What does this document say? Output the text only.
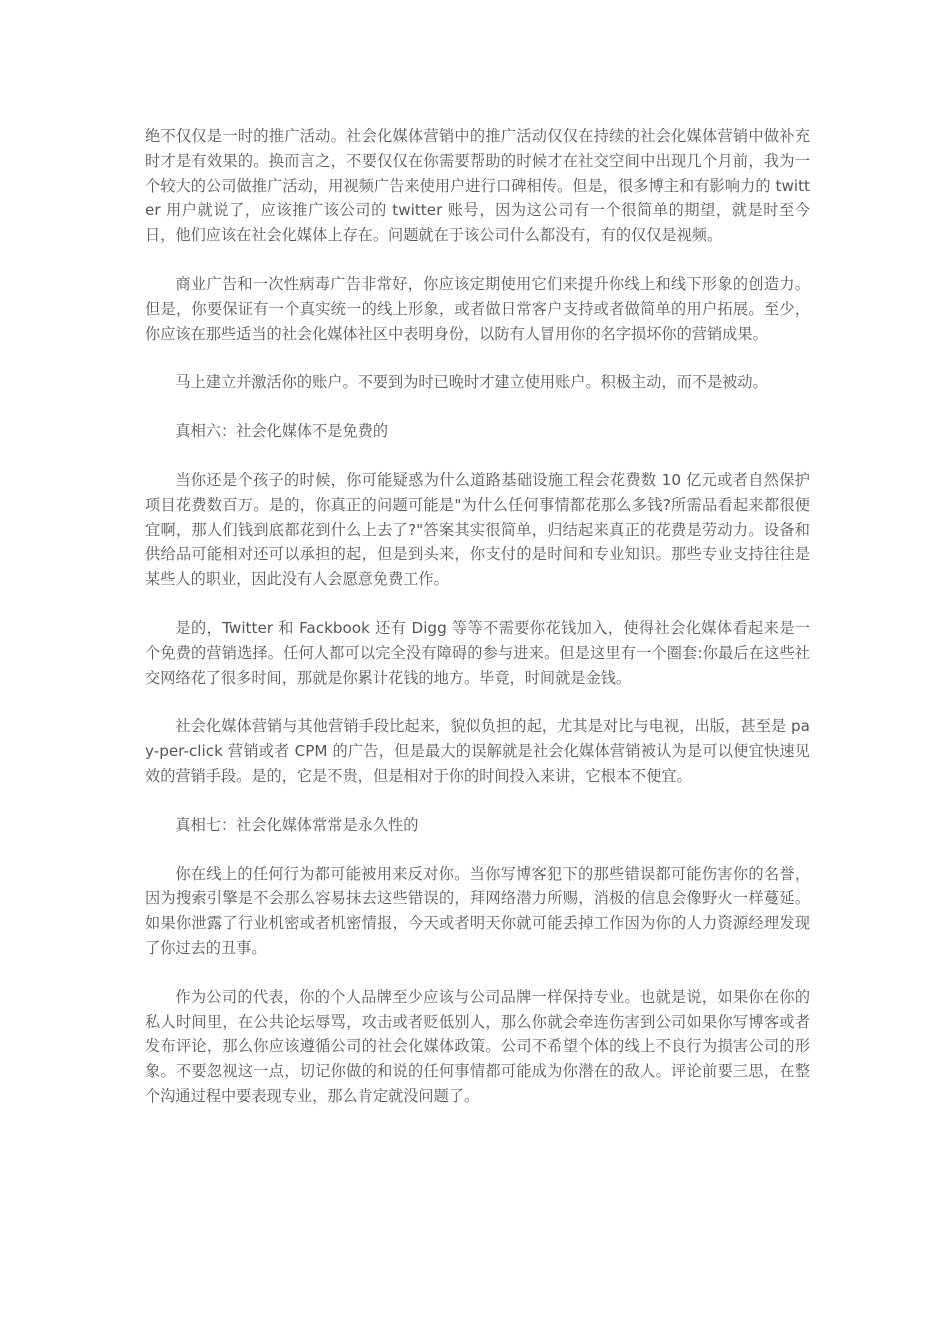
绝不仅仅是一时的推广活动。社会化媒体营销中的推广活动仅仅在持续的社会化媒体营销中做补充时才是有效果的。换而言之，不要仅仅在你需要帮助的时候才在社交空间中出现几个月前，我为一个较大的公司做推广活动，用视频广告来使用户进行口碑相传。但是，很多博主和有影响力的 twitter 用户就说了，应该推广该公司的 twitter 账号，因为这公司有一个很简单的期望，就是时至今日，他们应该在社会化媒体上存在。问题就在于该公司什么都没有，有的仅仅是视频。

商业广告和一次性病毒广告非常好，你应该定期使用它们来提升你线上和线下形象的创造力。但是，你要保证有一个真实统一的线上形象，或者做日常客户支持或者做简单的用户拓展。至少，你应该在那些适当的社会化媒体社区中表明身份，以防有人冒用你的名字损坏你的营销成果。

马上建立并激活你的账户。不要到为时已晚时才建立使用账户。积极主动，而不是被动。

真相六：社会化媒体不是免费的

当你还是个孩子的时候，你可能疑惑为什么道路基础设施工程会花费数 10 亿元或者自然保护项目花费数百万。是的，你真正的问题可能是"为什么任何事情都花那么多钱?所需品看起来都很便宜啊，那人们钱到底都花到什么上去了?"答案其实很简单，归结起来真正的花费是劳动力。设备和供给品可能相对还可以承担的起，但是到头来，你支付的是时间和专业知识。那些专业支持往往是某些人的职业，因此没有人会愿意免费工作。

是的，Twitter 和 Fackbook 还有 Digg 等等不需要你花钱加入，使得社会化媒体看起来是一个免费的营销选择。任何人都可以完全没有障碍的参与进来。但是这里有一个圈套:你最后在这些社交网络花了很多时间，那就是你累计花钱的地方。毕竟，时间就是金钱。

社会化媒体营销与其他营销手段比起来，貌似负担的起，尤其是对比与电视，出版，甚至是 pay-per-click 营销或者 CPM 的广告，但是最大的误解就是社会化媒体营销被认为是可以便宜快速见效的营销手段。是的，它是不贵，但是相对于你的时间投入来讲，它根本不便宜。

真相七：社会化媒体常常是永久性的

你在线上的任何行为都可能被用来反对你。当你写博客犯下的那些错误都可能伤害你的名誉，因为搜索引擎是不会那么容易抹去这些错误的，拜网络潜力所赐，消极的信息会像野火一样蔓延。如果你泄露了行业机密或者机密情报，今天或者明天你就可能丢掉工作因为你的人力资源经理发现了你过去的丑事。

作为公司的代表，你的个人品牌至少应该与公司品牌一样保持专业。也就是说，如果你在你的私人时间里，在公共论坛辱骂，攻击或者贬低别人，那么你就会牵连伤害到公司如果你写博客或者发布评论，那么你应该遵循公司的社会化媒体政策。公司不希望个体的线上不良行为损害公司的形象。不要忽视这一点，切记你做的和说的任何事情都可能成为你潜在的敌人。评论前要三思，在整个沟通过程中要表现专业，那么肯定就没问题了。
